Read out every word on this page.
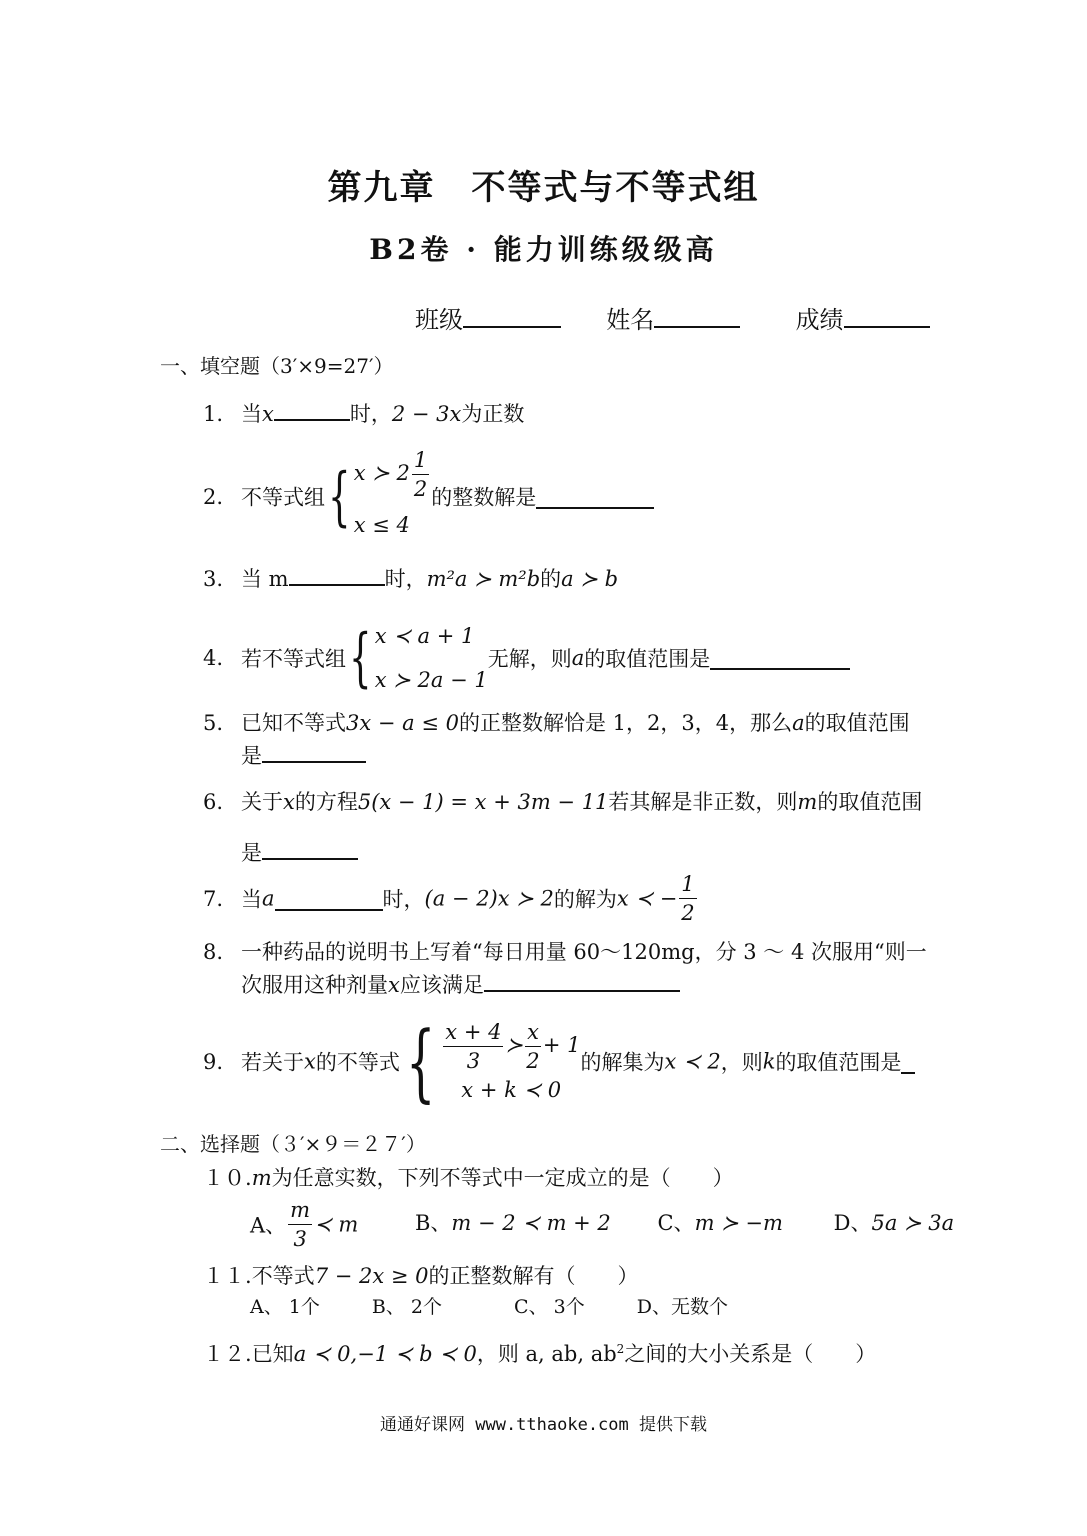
第九章　不等式与不等式组
B2卷 · 能力训练级级高
班级	姓名	成绩
一、填空题（3′×9=27′）
1. 当x	时，2 − 3x为正数
2. 不等式组{ x ≻ $2 \frac{1}{2}$
x ≤ 4
的整数解是
3. 当 m	时，m²a ≻ m²b的a ≻ b
4. 若不等式组{ x ≺ a + 1
x ≻ 2a − 1
无解，则a的取值范围是
5. 已知不等式3x − a ≤ 0的正整数解恰是 1，2，3，4，那么a的取值范围
是
6. 关于x的方程5(x − 1) = x + 3m − 11若其解是非正数，则m的取值范围
是
7. 当a	时，(a − 2)x ≻ 2的解为x ≺ − $\frac{1}{2}$
8. 一种药品的说明书上写着“每日用量 60～120mg，分 3 ～ 4 次服用“则一
次服用这种剂量x应该满足
9. 若关于x的不等式{ $\frac{x + 4}{3}$ ≻ $\frac{x}{2} + 1$
x + k ≺ 0
的解集为x ≺ 2，则k的取值范围是
二、选择题（３′×９＝２７′）
１０.m为任意实数，下列不等式中一定成立的是（　　）
A、 $\frac{m}{3}$ ≺ m	B、m − 2 ≺ m + 2 C、m ≻ −m D、5a ≻ 3a
１１.不等式7 − 2x ≥ 0的正整数解有（　　）
A、 1个	B、 2个	C、 3个	D、无数个
１２.已知a ≺ 0,−1 ≺ b ≺ 0，则 a, ab, $ab^2$之间的大小关系是（　　）
通通好课网 www.tthaoke.com 提供下载
